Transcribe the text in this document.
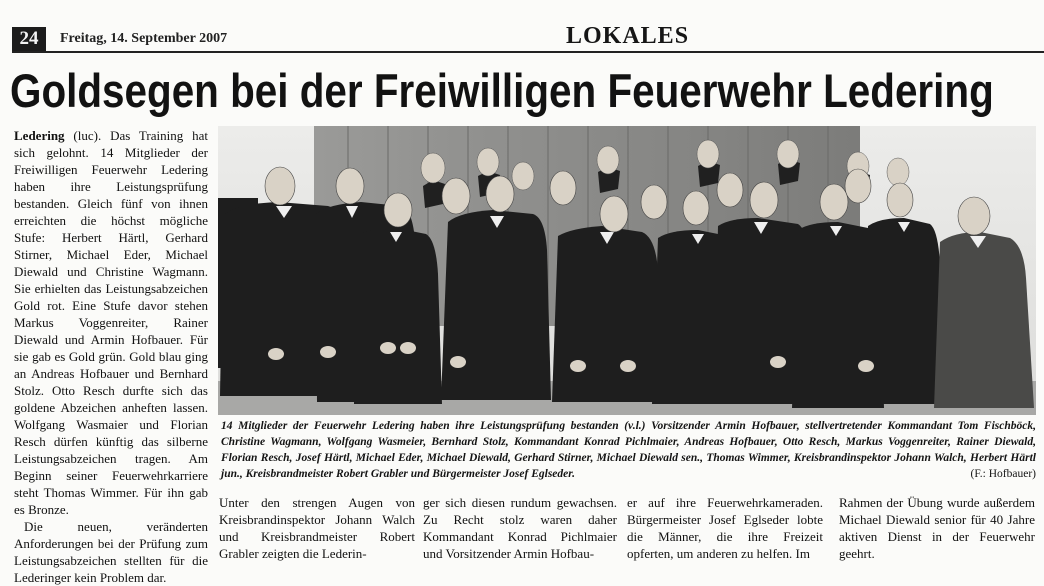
24	Freitag, 14. September 2007	LOKALES
Goldsegen bei der Freiwilligen Feuerwehr Ledering

Ledering (luc). Das Training hat sich gelohnt. 14 Mitglieder der Freiwilligen Feuerwehr Ledering haben ihre Leistungsprüfung bestanden. Gleich fünf von ihnen erreichten die höchst mögliche Stufe: Herbert Härtl, Gerhard Stirner, Michael Eder, Michael Diewald und Christine Wagmann. Sie erhielten das Leistungsabzeichen Gold rot. Eine Stufe davor stehen Markus Voggenreiter, Rainer Diewald und Armin Hofbauer. Für sie gab es Gold grün. Gold blau ging an Andreas Hofbauer und Bernhard Stolz. Otto Resch durfte sich das goldene Abzeichen anheften lassen. Wolfgang Wasmaier und Florian Resch dürfen künftig das silberne Leistungsabzeichen tragen. Am Beginn seiner Feuerwehrkarriere steht Thomas Wimmer. Für ihn gab es Bronze.

Die neuen, veränderten Anforderungen bei der Prüfung zum Leistungsabzeichen stellten für die Lederinger kein Problem dar.

14 Mitglieder der Feuerwehr Ledering haben ihre Leistungsprüfung bestanden (v.l.) Vorsitzender Armin Hofbauer, stellvertretender Kommandant Tom Fischböck, Christine Wagmann, Wolfgang Wasmeier, Bernhard Stolz, Kommandant Konrad Pichlmaier, Andreas Hofbauer, Otto Resch, Markus Voggenreiter, Rainer Diewald, Florian Resch, Josef Härtl, Michael Eder, Michael Diewald, Gerhard Stirner, Michael Diewald sen., Thomas Wimmer, Kreisbrandinspektor Johann Walch, Herbert Härtl jun., Kreisbrandmeister Robert Grabler und Bürgermeister Josef Eglseder.	(F.: Hofbauer)
Unter den strengen Augen von Kreisbrandinspektor Johann Walch und Kreisbrandmeister Robert Grabler zeigten die Lederin-
ger sich diesen rundum gewachsen. Zu Recht stolz waren daher Kommandant Konrad Pichlmaier und Vorsitzender Armin Hofbau-
er auf ihre Feuerwehrkameraden. Bürgermeister Josef Eglseder lobte die Männer, die ihre Freizeit opferten, um anderen zu helfen. Im
Rahmen der Übung wurde außerdem Michael Diewald senior für 40 Jahre aktiven Dienst in der Feuerwehr geehrt.
